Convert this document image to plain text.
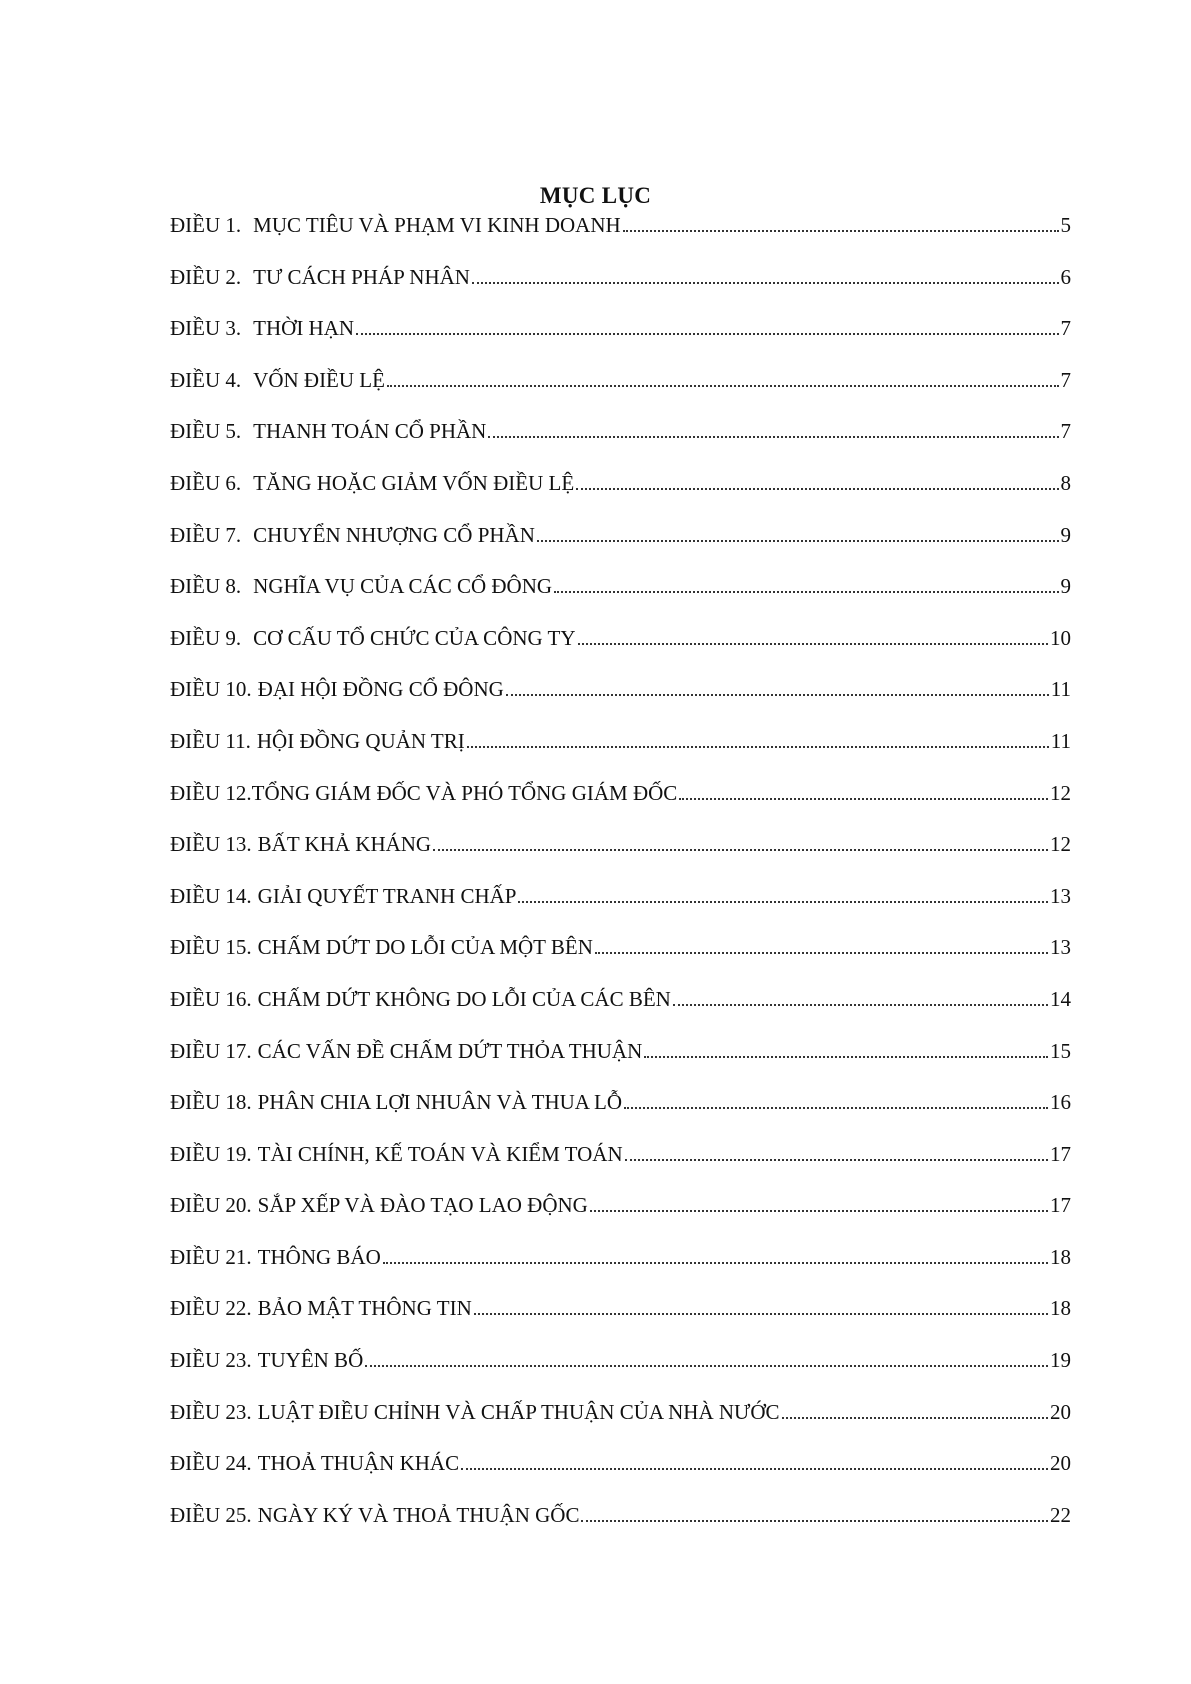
MỤC LỤC
ĐIỀU 1. MỤC TIÊU VÀ PHẠM VI KINH DOANH	5
ĐIỀU 2. TƯ CÁCH PHÁP NHÂN	6
ĐIỀU 3. THỜI HẠN	7
ĐIỀU 4. VỐN ĐIỀU LỆ	7
ĐIỀU 5. THANH TOÁN CỔ PHẦN	7
ĐIỀU 6. TĂNG HOẶC GIẢM VỐN ĐIỀU LỆ	8
ĐIỀU 7. CHUYỂN NHƯỢNG CỔ PHẦN	9
ĐIỀU 8. NGHĨA VỤ CỦA CÁC CỔ ĐÔNG	9
ĐIỀU 9. CƠ CẤU TỔ CHỨC CỦA CÔNG TY	10
ĐIỀU 10. ĐẠI HỘI ĐỒNG CỔ ĐÔNG	11
ĐIỀU 11. HỘI ĐỒNG QUẢN TRỊ	11
ĐIỀU 12. TỔNG GIÁM ĐỐC VÀ PHÓ TỔNG GIÁM ĐỐC	12
ĐIỀU 13. BẤT KHẢ KHÁNG	12
ĐIỀU 14. GIẢI QUYẾT TRANH CHẤP	13
ĐIỀU 15. CHẤM DỨT DO LỖI CỦA MỘT BÊN	13
ĐIỀU 16. CHẤM DỨT KHÔNG DO LỖI CỦA CÁC BÊN	14
ĐIỀU 17. CÁC VẤN ĐỀ CHẤM DỨT THỎA THUẬN	15
ĐIỀU 18. PHÂN CHIA LỢI NHUÂN VÀ THUA LỖ	16
ĐIỀU 19. TÀI CHÍNH, KẾ TOÁN VÀ KIỂM TOÁN	17
ĐIỀU 20. SẮP XẾP VÀ ĐÀO TẠO LAO ĐỘNG	17
ĐIỀU 21. THÔNG BÁO	18
ĐIỀU 22. BẢO MẬT THÔNG TIN	18
ĐIỀU 23. TUYÊN BỐ	19
ĐIỀU 23. LUẬT ĐIỀU CHỈNH VÀ CHẤP THUẬN CỦA NHÀ NƯỚC	20
ĐIỀU 24. THOẢ THUẬN KHÁC	20
ĐIỀU 25. NGÀY KÝ VÀ THOẢ THUẬN GỐC	22
